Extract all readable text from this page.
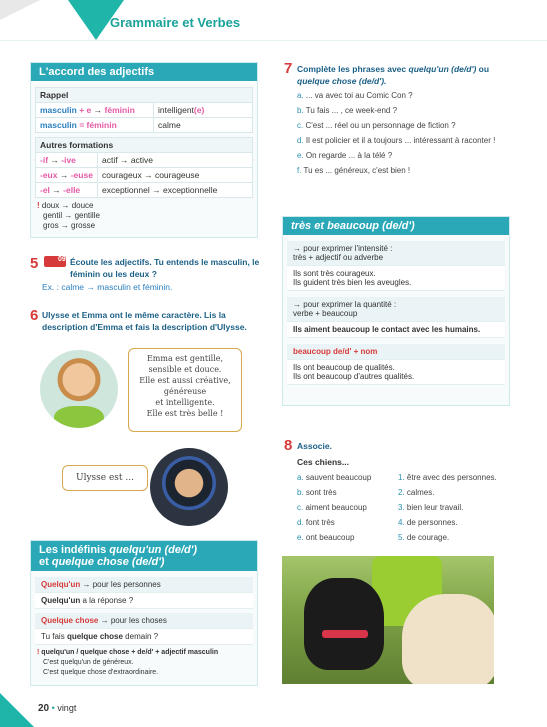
Grammaire et Verbes
L'accord des adjectifs
Rappel	
masculin + e → féminin	intelligent(e)
masculin = féminin	calme
Autres formations	
-if → -ive	actif → active
-eux → -euse	courageux → courageuse
-el → -elle	exceptionnel → exceptionnelle
! doux → douce
gentil → gentille
gros → grosse
5	096 Écoute les adjectifs. Tu entends le masculin, le féminin ou les deux ?
Ex. : calme → masculin et féminin.
6 Ulysse et Emma ont le même caractère. Lis la description d'Emma et fais la description d'Ulysse.
Emma est gentille,
sensible et douce.
Elle est aussi créative,
généreuse
et intelligente.
Elle est très belle !
Ulysse est ...
Les indéfinis quelqu'un (de/d')
et quelque chose (de/d')
Quelqu'un → pour les personnes
Quelqu'un a la réponse ?
Quelque chose → pour les choses
Tu fais quelque chose demain ?
! quelqu'un / quelque chose + de/d' + adjectif masculin
C'est quelqu'un de généreux.
C'est quelque chose d'extraordinaire.
7 Complète les phrases avec quelqu'un (de/d') ou quelque chose (de/d').
a. ... va avec toi au Comic Con ?
b. Tu fais ... , ce week-end ?
c. C'est ... réel ou un personnage de fiction ?
d. Il est policier et il a toujours ... intéressant à raconter !
e. On regarde ... à la télé ?
f. Tu es ... généreux, c'est bien !
très et beaucoup (de/d')
→ pour exprimer l'intensité :
très + adjectif ou adverbe
Ils sont très courageux.
Ils guident très bien les aveugles.
→ pour exprimer la quantité :
verbe + beaucoup
Ils aiment beaucoup le contact avec les humains.
beaucoup de/d' + nom
Ils ont beaucoup de qualités.
Ils ont beaucoup d'autres qualités.
8 Associe.
Ces chiens...
a. sauvent beaucoup
b. sont très
c. aiment beaucoup
d. font très
e. ont beaucoup
1. être avec des personnes.
2. calmes.
3. bien leur travail.
4. de personnes.
5. de courage.
20 • vingt
